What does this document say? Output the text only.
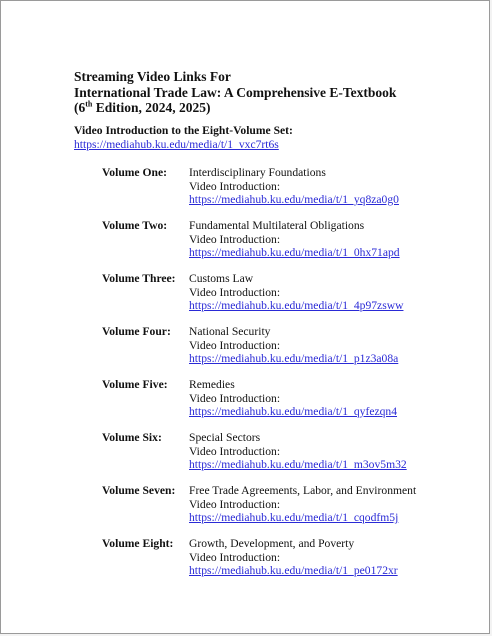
Streaming Video Links For
International Trade Law: A Comprehensive E-Textbook
(6th Edition, 2024, 2025)
Video Introduction to the Eight-Volume Set:
https://mediahub.ku.edu/media/t/1_vxc7rt6s
Volume One:	Interdisciplinary Foundations
Video Introduction:
https://mediahub.ku.edu/media/t/1_yq8za0g0
Volume Two:	Fundamental Multilateral Obligations
Video Introduction:
https://mediahub.ku.edu/media/t/1_0hx71apd
Volume Three:	Customs Law
Video Introduction:
https://mediahub.ku.edu/media/t/1_4p97zsww
Volume Four:	National Security
Video Introduction:
https://mediahub.ku.edu/media/t/1_p1z3a08a
Volume Five:	Remedies
Video Introduction:
https://mediahub.ku.edu/media/t/1_qyfezqn4
Volume Six:	Special Sectors
Video Introduction:
https://mediahub.ku.edu/media/t/1_m3ov5m32
Volume Seven:	Free Trade Agreements, Labor, and Environment
Video Introduction:
https://mediahub.ku.edu/media/t/1_cqodfm5j
Volume Eight:	Growth, Development, and Poverty
Video Introduction:
https://mediahub.ku.edu/media/t/1_pe0172xr
